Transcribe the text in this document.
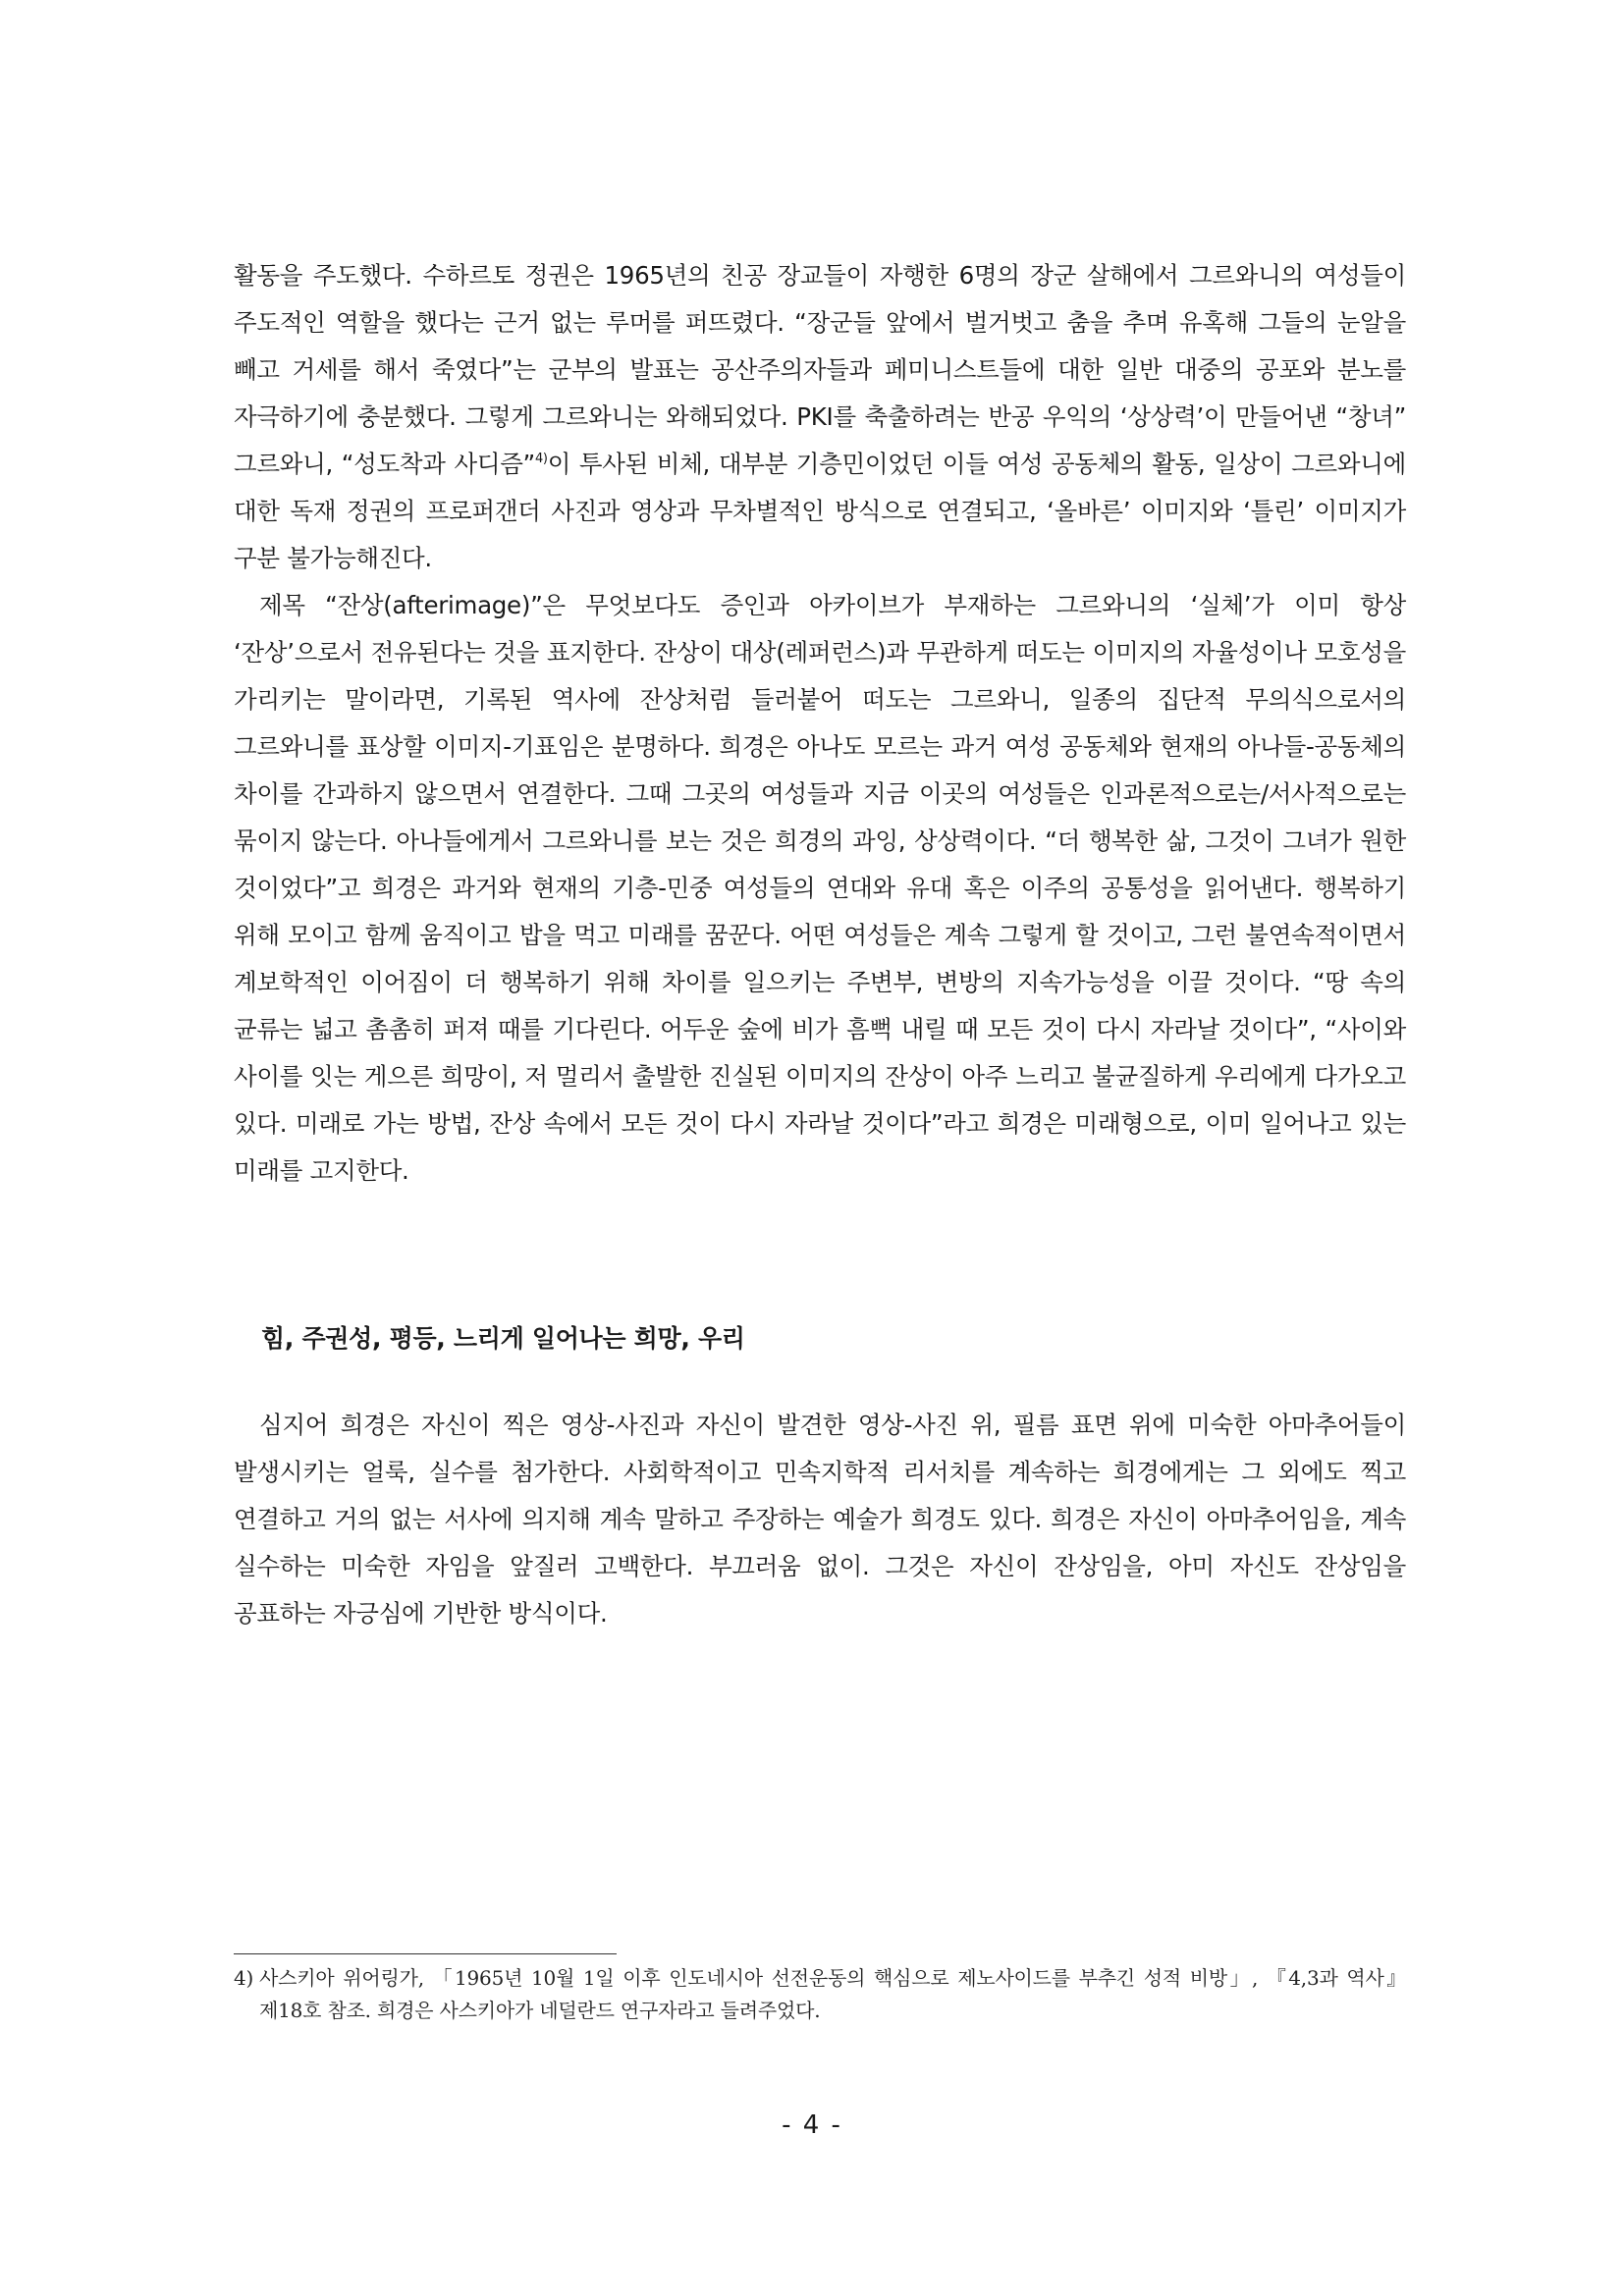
활동을 주도했다. 수하르토 정권은 1965년의 친공 장교들이 자행한 6명의 장군 살해에서 그르와니의 여성들이 주도적인 역할을 했다는 근거 없는 루머를 퍼뜨렸다. “장군들 앞에서 벌거벗고 춤을 추며 유혹해 그들의 눈알을 빼고 거세를 해서 죽였다”는 군부의 발표는 공산주의자들과 페미니스트들에 대한 일반 대중의 공포와 분노를 자극하기에 충분했다. 그렇게 그르와니는 와해되었다. PKI를 축출하려는 반공 우익의 ‘상상력’이 만들어낸 “창녀” 그르와니, “성도착과 사디즘”$^{4)}$이 투사된 비체, 대부분 기층민이었던 이들 여성 공동체의 활동, 일상이 그르와니에 대한 독재 정권의 프로퍼갠더 사진과 영상과 무차별적인 방식으로 연결되고, ‘올바른’ 이미지와 ‘틀린’ 이미지가 구분 불가능해진다.

제목 “잔상(afterimage)”은 무엇보다도 증인과 아카이브가 부재하는 그르와니의 ‘실체’가 이미 항상 ‘잔상’으로서 전유된다는 것을 표지한다. 잔상이 대상(레퍼런스)과 무관하게 떠도는 이미지의 자율성이나 모호성을 가리키는 말이라면, 기록된 역사에 잔상처럼 들러붙어 떠도는 그르와니, 일종의 집단적 무의식으로서의 그르와니를 표상할 이미지-기표임은 분명하다. 희경은 아나도 모르는 과거 여성 공동체와 현재의 아나들-공동체의 차이를 간과하지 않으면서 연결한다. 그때 그곳의 여성들과 지금 이곳의 여성들은 인과론적으로는/서사적으로는 묶이지 않는다. 아나들에게서 그르와니를 보는 것은 희경의 과잉, 상상력이다. “더 행복한 삶, 그것이 그녀가 원한 것이었다”고 희경은 과거와 현재의 기층-민중 여성들의 연대와 유대 혹은 이주의 공통성을 읽어낸다. 행복하기 위해 모이고 함께 움직이고 밥을 먹고 미래를 꿈꾼다. 어떤 여성들은 계속 그렇게 할 것이고, 그런 불연속적이면서 계보학적인 이어짐이 더 행복하기 위해 차이를 일으키는 주변부, 변방의 지속가능성을 이끌 것이다. “땅 속의 균류는 넓고 촘촘히 퍼져 때를 기다린다. 어두운 숲에 비가 흠뻑 내릴 때 모든 것이 다시 자라날 것이다”, “사이와 사이를 잇는 게으른 희망이, 저 멀리서 출발한 진실된 이미지의 잔상이 아주 느리고 불균질하게 우리에게 다가오고 있다. 미래로 가는 방법, 잔상 속에서 모든 것이 다시 자라날 것이다”라고 희경은 미래형으로, 이미 일어나고 있는 미래를 고지한다.

힘, 주권성, 평등, 느리게 일어나는 희망, 우리

심지어 희경은 자신이 찍은 영상-사진과 자신이 발견한 영상-사진 위, 필름 표면 위에 미숙한 아마추어들이 발생시키는 얼룩, 실수를 첨가한다. 사회학적이고 민속지학적 리서치를 계속하는 희경에게는 그 외에도 찍고 연결하고 거의 없는 서사에 의지해 계속 말하고 주장하는 예술가 희경도 있다. 희경은 자신이 아마추어임을, 계속 실수하는 미숙한 자임을 앞질러 고백한다. 부끄러움 없이. 그것은 자신이 잔상임을, 아미 자신도 잔상임을 공표하는 자긍심에 기반한 방식이다.

4) 사스키아 위어링가, 「1965년 10월 1일 이후 인도네시아 선전운동의 핵심으로 제노사이드를 부추긴 성적 비방」, 『4,3과 역사』 제18호 참조. 희경은 사스키아가 네덜란드 연구자라고 들려주었다.
- 4 -
